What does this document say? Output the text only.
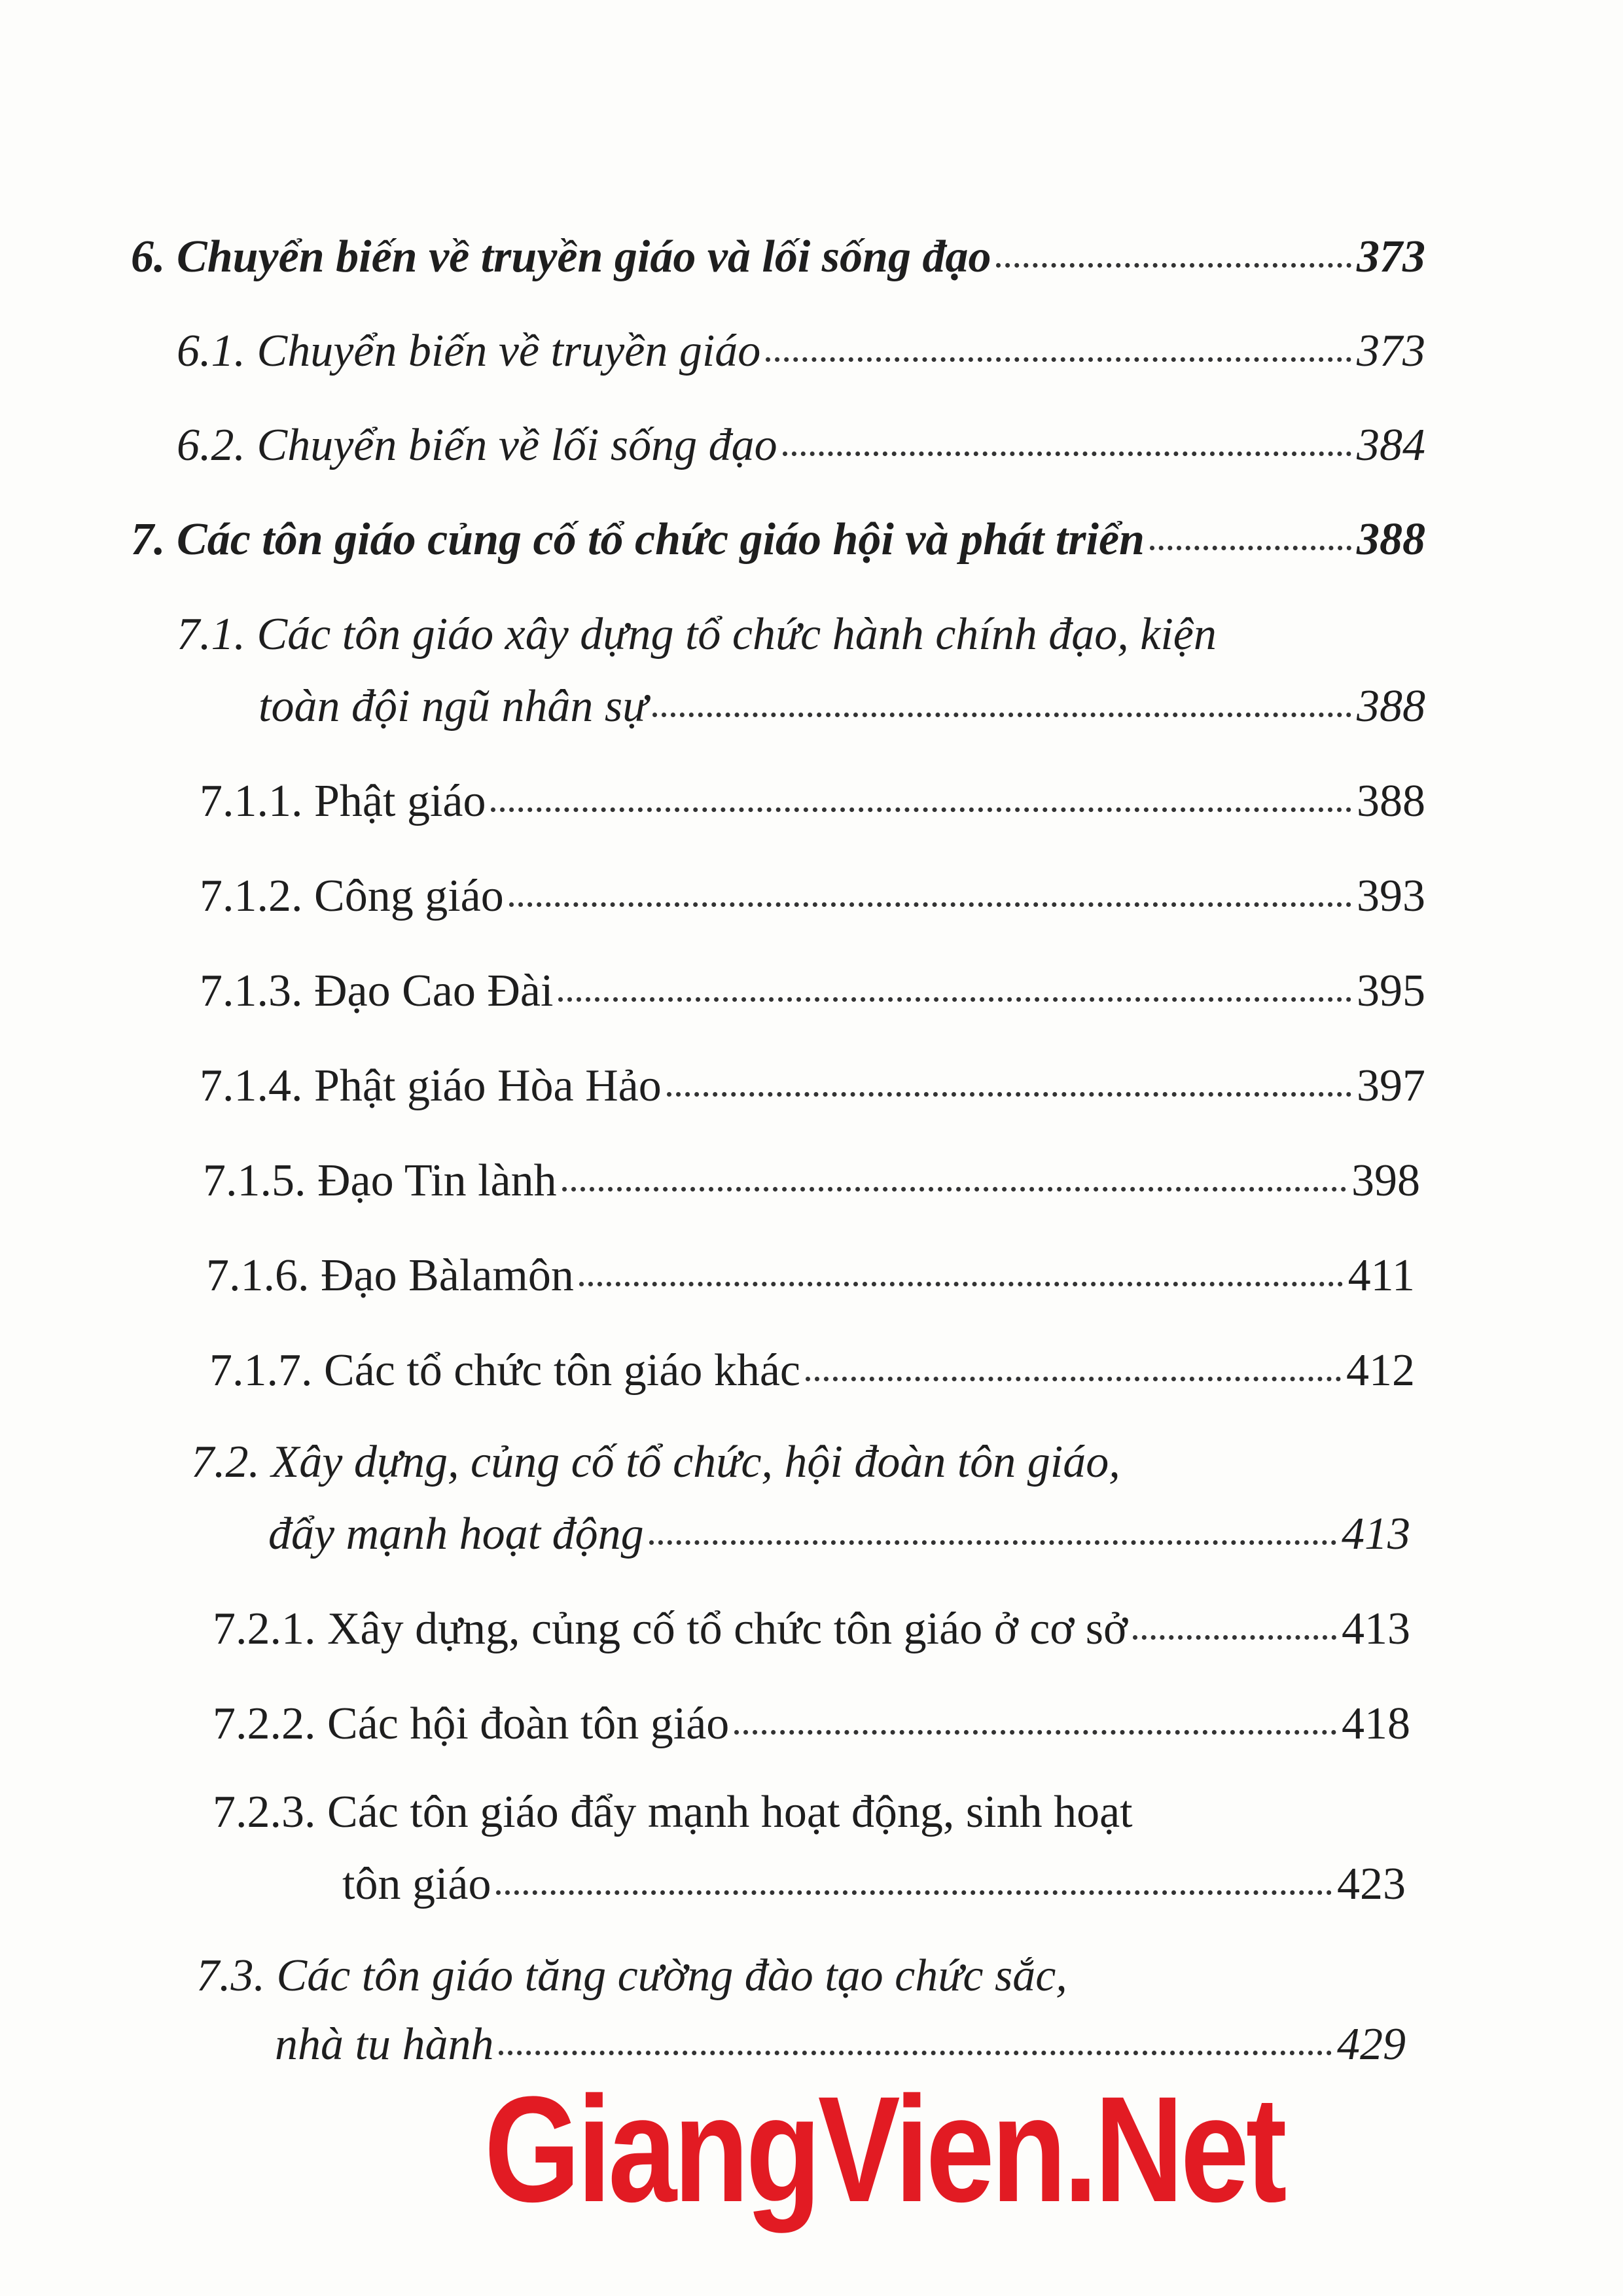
6. Chuyển biến về truyền giáo và lối sống đạo	373
6.1. Chuyển biến về truyền giáo	373
6.2. Chuyển biến về lối sống đạo	384
7. Các tôn giáo củng cố tổ chức giáo hội và phát triển	388
7.1. Các tôn giáo xây dựng tổ chức hành chính đạo, kiện
toàn đội ngũ nhân sự	388
7.1.1. Phật giáo	388
7.1.2. Công giáo	393
7.1.3. Đạo Cao Đài	395
7.1.4. Phật giáo Hòa Hảo	397
7.1.5. Đạo Tin lành	398
7.1.6. Đạo Bàlamôn	411
7.1.7. Các tổ chức tôn giáo khác	412
7.2. Xây dựng, củng cố tổ chức, hội đoàn tôn giáo,
đẩy mạnh hoạt động	413
7.2.1. Xây dựng, củng cố tổ chức tôn giáo ở cơ sở	413
7.2.2. Các hội đoàn tôn giáo	418
7.2.3. Các tôn giáo đẩy mạnh hoạt động, sinh hoạt
tôn giáo	423
7.3. Các tôn giáo tăng cường đào tạo chức sắc,
nhà tu hành	429
GiangVien.Net
